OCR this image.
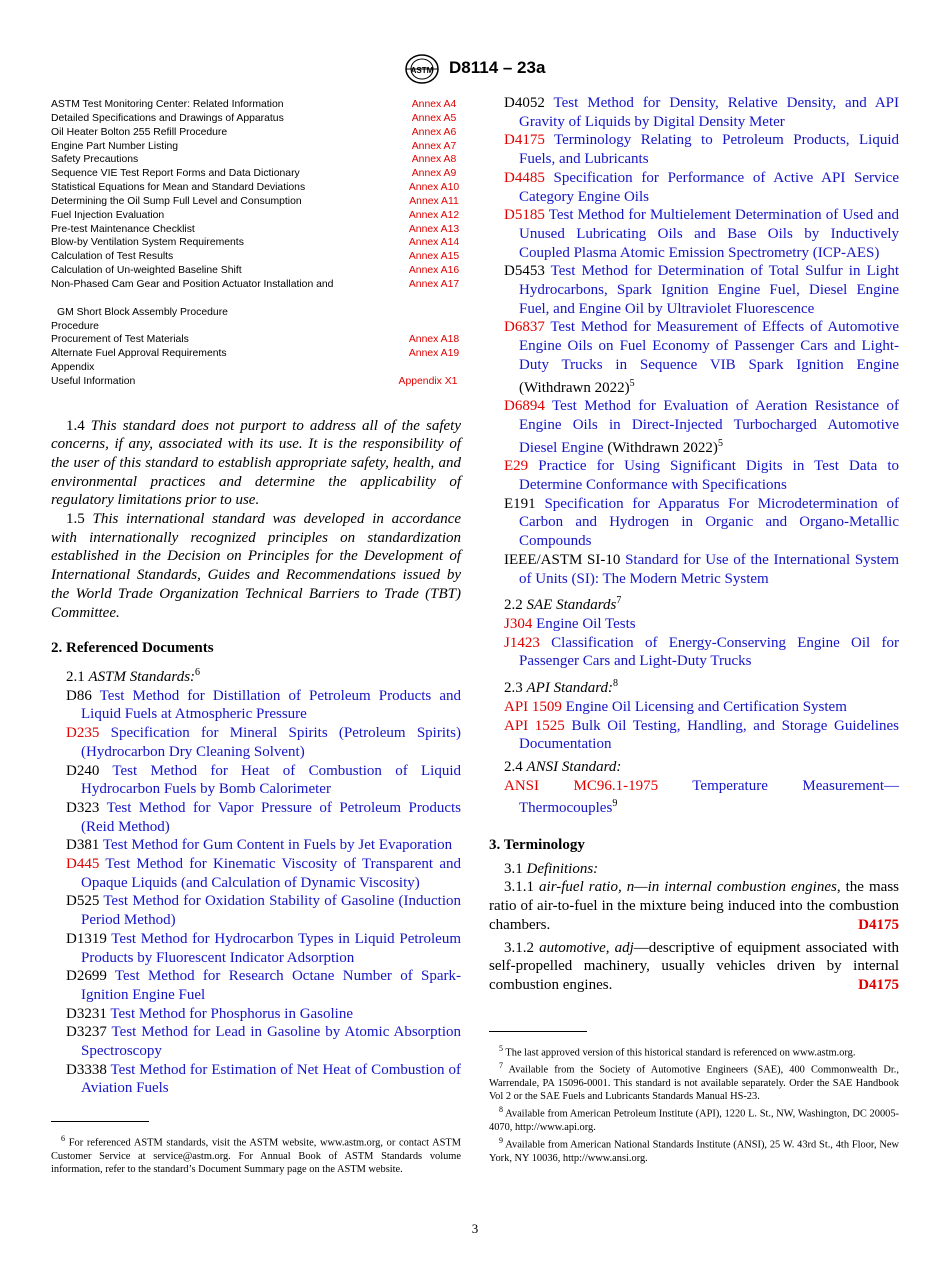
ASTM D8114 – 23a
ASTM Test Monitoring Center: Related Information	Annex A4
Detailed Specifications and Drawings of Apparatus	Annex A5
Oil Heater Bolton 255 Refill Procedure	Annex A6
Engine Part Number Listing	Annex A7
Safety Precautions	Annex A8
Sequence VIE Test Report Forms and Data Dictionary	Annex A9
Statistical Equations for Mean and Standard Deviations	Annex A10
Determining the Oil Sump Full Level and Consumption	Annex A11
Fuel Injection Evaluation	Annex A12
Pre-test Maintenance Checklist	Annex A13
Blow-by Ventilation System Requirements	Annex A14
Calculation of Test Results	Annex A15
Calculation of Un-weighted Baseline Shift	Annex A16
Non-Phased Cam Gear and Position Actuator Installation and	Annex A17
GM Short Block Assembly Procedure
Procedure
Procurement of Test Materials	Annex A18
Alternate Fuel Approval Requirements	Annex A19
Appendix
Useful Information	Appendix X1

1.4 This standard does not purport to address all of the safety concerns, if any, associated with its use. It is the responsibility of the user of this standard to establish appropriate safety, health, and environmental practices and determine the applicability of regulatory limitations prior to use.

1.5 This international standard was developed in accordance with internationally recognized principles on standardization established in the Decision on Principles for the Development of International Standards, Guides and Recommendations issued by the World Trade Organization Technical Barriers to Trade (TBT) Committee.

2. Referenced Documents

2.1 ASTM Standards:$^6$

D86 Test Method for Distillation of Petroleum Products and Liquid Fuels at Atmospheric Pressure

D235 Specification for Mineral Spirits (Petroleum Spirits) (Hydrocarbon Dry Cleaning Solvent)

D240 Test Method for Heat of Combustion of Liquid Hydrocarbon Fuels by Bomb Calorimeter

D323 Test Method for Vapor Pressure of Petroleum Products (Reid Method)

D381 Test Method for Gum Content in Fuels by Jet Evaporation

D445 Test Method for Kinematic Viscosity of Transparent and Opaque Liquids (and Calculation of Dynamic Viscosity)

D525 Test Method for Oxidation Stability of Gasoline (Induction Period Method)

D1319 Test Method for Hydrocarbon Types in Liquid Petroleum Products by Fluorescent Indicator Adsorption

D2699 Test Method for Research Octane Number of Spark-Ignition Engine Fuel

D3231 Test Method for Phosphorus in Gasoline

D3237 Test Method for Lead in Gasoline by Atomic Absorption Spectroscopy

D3338 Test Method for Estimation of Net Heat of Combustion of Aviation Fuels

$^6$ For referenced ASTM standards, visit the ASTM website, www.astm.org, or contact ASTM Customer Service at service@astm.org. For Annual Book of ASTM Standards volume information, refer to the standard’s Document Summary page on the ASTM website.

D4052 Test Method for Density, Relative Density, and API Gravity of Liquids by Digital Density Meter

D4175 Terminology Relating to Petroleum Products, Liquid Fuels, and Lubricants

D4485 Specification for Performance of Active API Service Category Engine Oils

D5185 Test Method for Multielement Determination of Used and Unused Lubricating Oils and Base Oils by Inductively Coupled Plasma Atomic Emission Spectrometry (ICP-AES)

D5453 Test Method for Determination of Total Sulfur in Light Hydrocarbons, Spark Ignition Engine Fuel, Diesel Engine Fuel, and Engine Oil by Ultraviolet Fluorescence

D6837 Test Method for Measurement of Effects of Automotive Engine Oils on Fuel Economy of Passenger Cars and Light-Duty Trucks in Sequence VIB Spark Ignition Engine (Withdrawn 2022)$^5$

D6894 Test Method for Evaluation of Aeration Resistance of Engine Oils in Direct-Injected Turbocharged Automotive Diesel Engine (Withdrawn 2022)$^5$

E29 Practice for Using Significant Digits in Test Data to Determine Conformance with Specifications

E191 Specification for Apparatus For Microdetermination of Carbon and Hydrogen in Organic and Organo-Metallic Compounds

IEEE/ASTM SI-10 Standard for Use of the International System of Units (SI): The Modern Metric System

2.2 SAE Standards$^7$

J304 Engine Oil Tests

J1423 Classification of Energy-Conserving Engine Oil for Passenger Cars and Light-Duty Trucks

2.3 API Standard:$^8$

API 1509 Engine Oil Licensing and Certification System

API 1525 Bulk Oil Testing, Handling, and Storage Guidelines Documentation

2.4 ANSI Standard:

ANSI MC96.1-1975 Temperature Measurement—Thermocouples$^9$

3. Terminology

3.1 Definitions:

3.1.1 air-fuel ratio, n—in internal combustion engines, the mass ratio of air-to-fuel in the mixture being induced into the combustion chambers.	D4175

3.1.2 automotive, adj—descriptive of equipment associated with self-propelled machinery, usually vehicles driven by internal combustion engines.	D4175

$^5$ The last approved version of this historical standard is referenced on www.astm.org.

$^7$ Available from the Society of Automotive Engineers (SAE), 400 Commonwealth Dr., Warrendale, PA 15096-0001. This standard is not available separately. Order the SAE Handbook Vol 2 or the SAE Fuels and Lubricants Standards Manual HS-23.

$^8$ Available from American Petroleum Institute (API), 1220 L. St., NW, Washington, DC 20005-4070, http://www.api.org.

$^9$ Available from American National Standards Institute (ANSI), 25 W. 43rd St., 4th Floor, New York, NY 10036, http://www.ansi.org.

3
